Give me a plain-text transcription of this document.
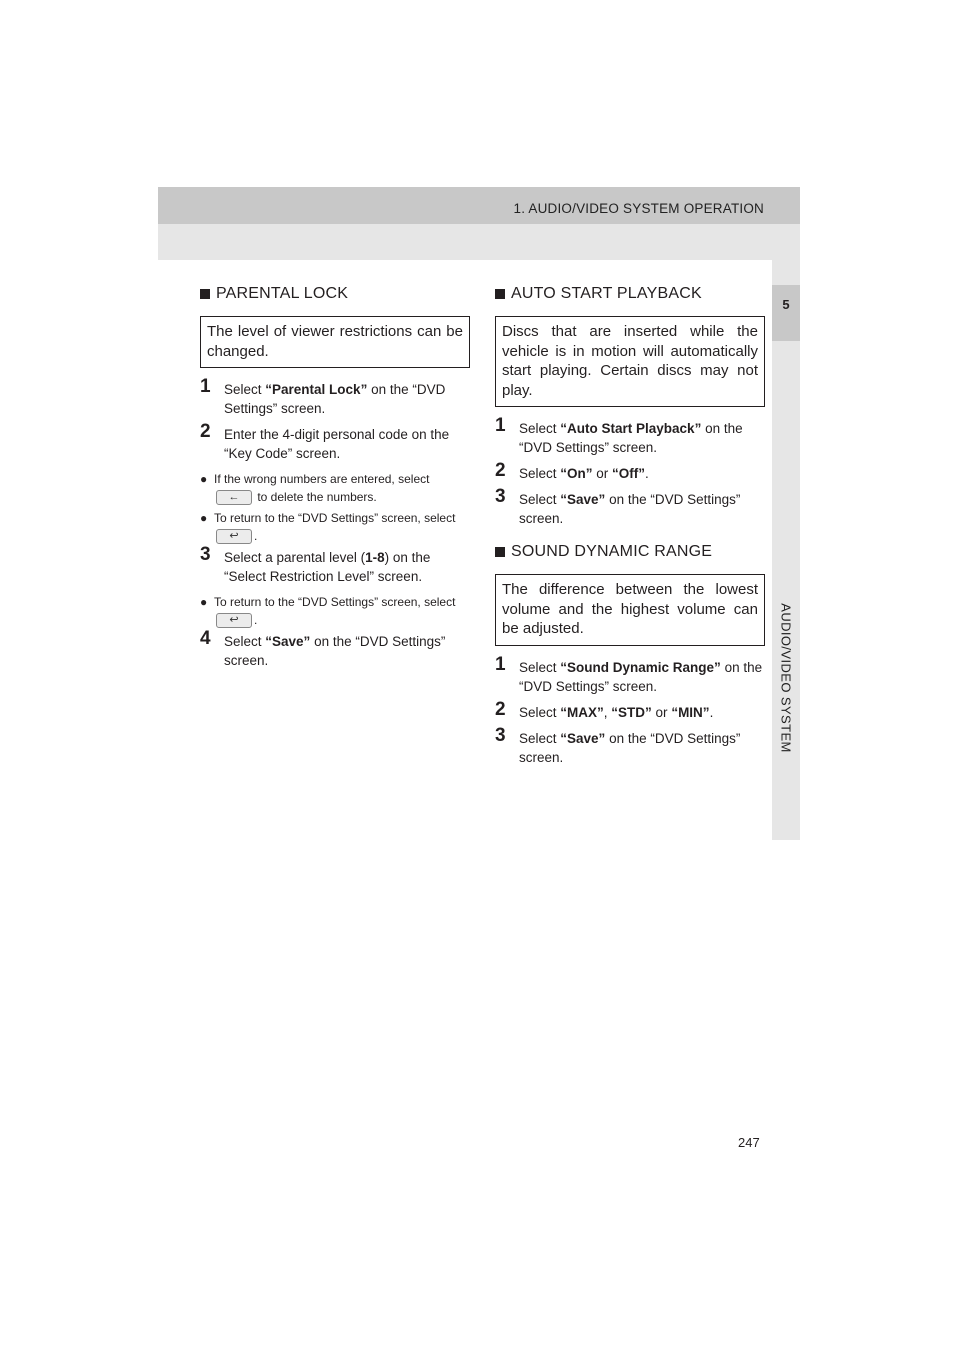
1. AUDIO/VIDEO SYSTEM OPERATION
5
AUDIO/VIDEO SYSTEM
PARENTAL LOCK
The level of viewer restrictions can be changed.
1 Select “Parental Lock” on the “DVD Settings” screen.
2 Enter the 4-digit personal code on the “Key Code” screen.
● If the wrong numbers are entered, select ← to delete the numbers.
● To return to the “DVD Settings” screen, select ↩ .
3 Select a parental level (1-8) on the “Select Restriction Level” screen.
● To return to the “DVD Settings” screen, select ↩ .
4 Select “Save” on the “DVD Settings” screen.
AUTO START PLAYBACK
Discs that are inserted while the vehicle is in motion will automatically start playing. Certain discs may not play.
1 Select “Auto Start Playback” on the “DVD Settings” screen.
2 Select “On” or “Off”.
3 Select “Save” on the “DVD Settings” screen.
SOUND DYNAMIC RANGE
The difference between the lowest volume and the highest volume can be adjusted.
1 Select “Sound Dynamic Range” on the “DVD Settings” screen.
2 Select “MAX”, “STD” or “MIN”.
3 Select “Save” on the “DVD Settings” screen.
247
